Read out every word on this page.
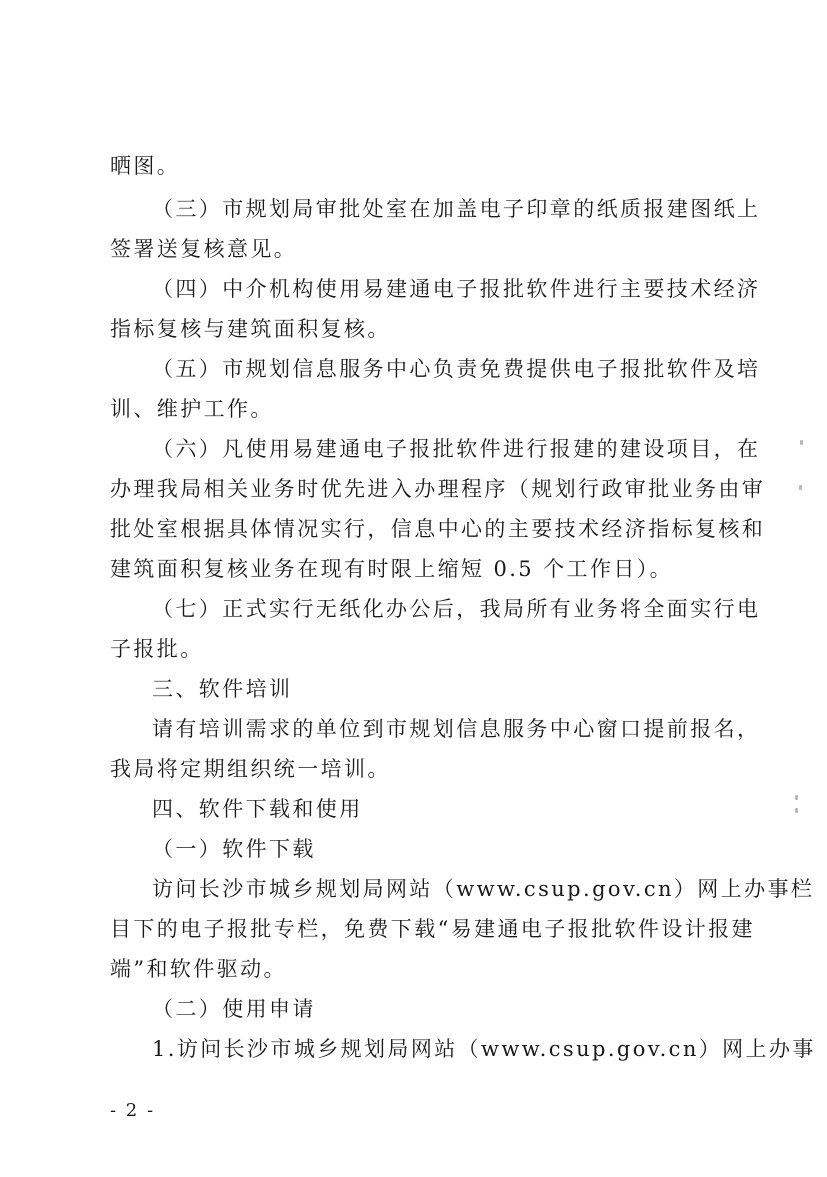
晒图。
（三）市规划局审批处室在加盖电子印章的纸质报建图纸上
签署送复核意见。
（四）中介机构使用易建通电子报批软件进行主要技术经济
指标复核与建筑面积复核。
（五）市规划信息服务中心负责免费提供电子报批软件及培
训、维护工作。
（六）凡使用易建通电子报批软件进行报建的建设项目，在
办理我局相关业务时优先进入办理程序（规划行政审批业务由审
批处室根据具体情况实行，信息中心的主要技术经济指标复核和
建筑面积复核业务在现有时限上缩短 0.5 个工作日）。
（七）正式实行无纸化办公后，我局所有业务将全面实行电
子报批。
三、软件培训
请有培训需求的单位到市规划信息服务中心窗口提前报名，
我局将定期组织统一培训。
四、软件下载和使用
（一）软件下载
访问长沙市城乡规划局网站（www.csup.gov.cn）网上办事栏
目下的电子报批专栏，免费下载“易建通电子报批软件设计报建
端”和软件驱动。
（二）使用申请
1.访问长沙市城乡规划局网站（www.csup.gov.cn）网上办事
- 2 -
